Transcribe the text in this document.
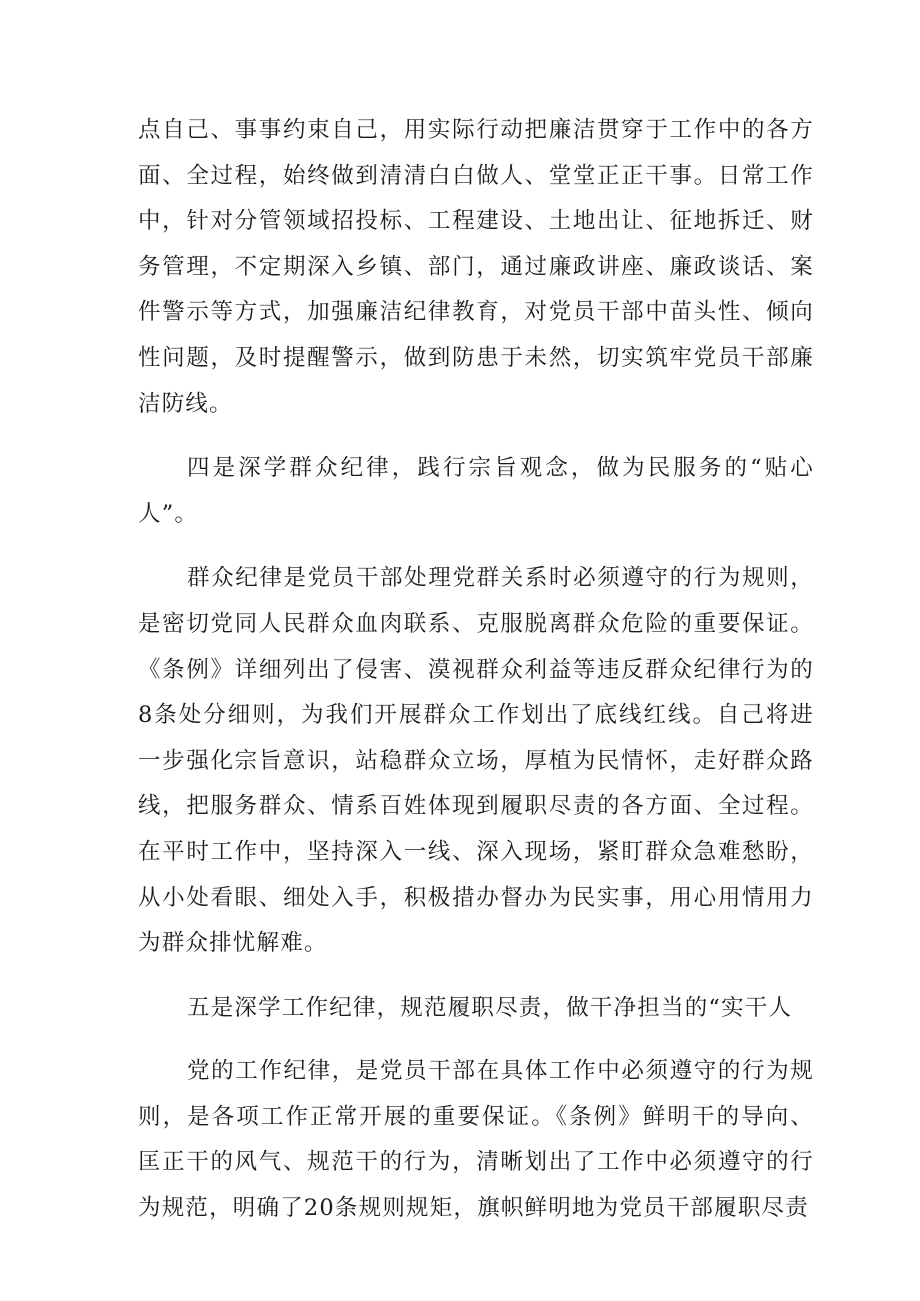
点自己、事事约束自己，用实际行动把廉洁贯穿于工作中的各方面、全过程，始终做到清清白白做人、堂堂正正干事。日常工作中，针对分管领域招投标、工程建设、土地出让、征地拆迁、财务管理，不定期深入乡镇、部门，通过廉政讲座、廉政谈话、案件警示等方式，加强廉洁纪律教育，对党员干部中苗头性、倾向性问题，及时提醒警示，做到防患于未然，切实筑牢党员干部廉洁防线。

四是深学群众纪律，践行宗旨观念，做为民服务的“贴心人”。

群众纪律是党员干部处理党群关系时必须遵守的行为规则，是密切党同人民群众血肉联系、克服脱离群众危险的重要保证。《条例》详细列出了侵害、漠视群众利益等违反群众纪律行为的8条处分细则，为我们开展群众工作划出了底线红线。自己将进一步强化宗旨意识，站稳群众立场，厚植为民情怀，走好群众路线，把服务群众、情系百姓体现到履职尽责的各方面、全过程。在平时工作中，坚持深入一线、深入现场，紧盯群众急难愁盼，从小处看眼、细处入手，积极措办督办为民实事，用心用情用力为群众排忧解难。

五是深学工作纪律，规范履职尽责，做干净担当的“实干人

党的工作纪律，是党员干部在具体工作中必须遵守的行为规则，是各项工作正常开展的重要保证。《条例》鲜明干的导向、匡正干的风气、规范干的行为，清晰划出了工作中必须遵守的行为规范，明确了20条规则规矩，旗帜鲜明地为党员干部履职尽责
